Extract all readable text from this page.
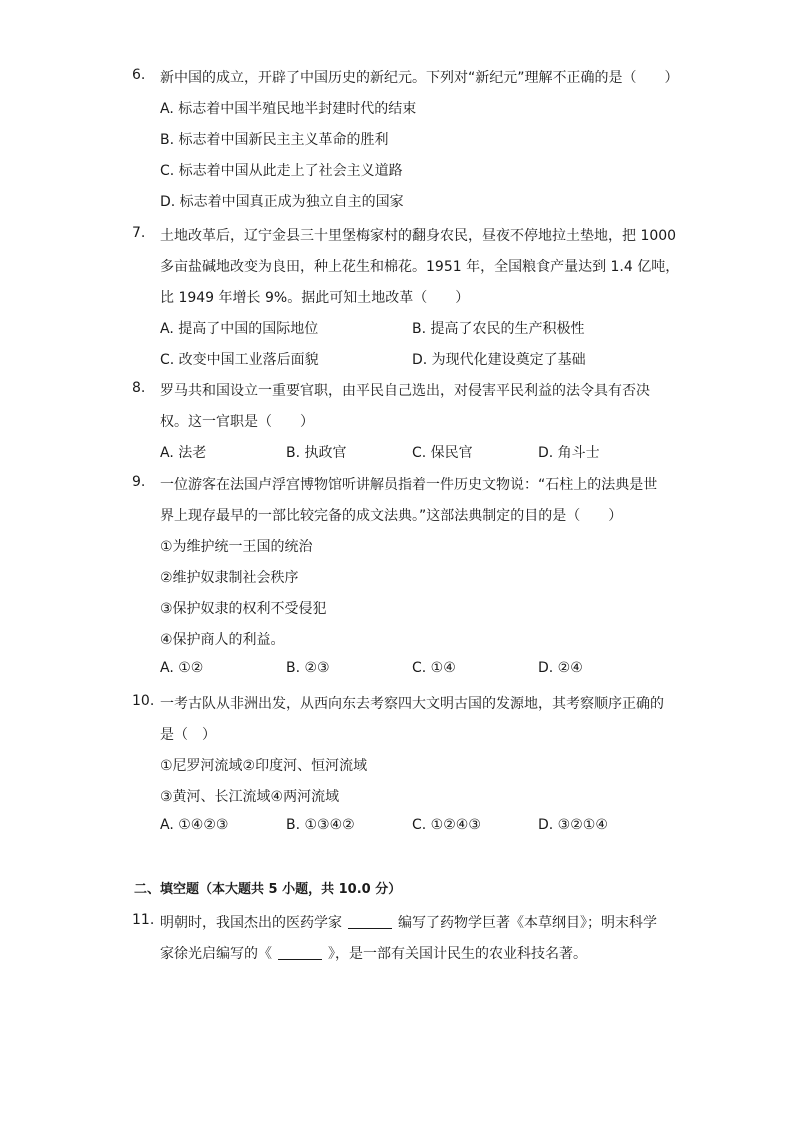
6.	新中国的成立，开辟了中国历史的新纪元。下列对“新纪元”理解不正确的是（　　）
A. 标志着中国半殖民地半封建时代的结束
B. 标志着中国新民主主义革命的胜利
C. 标志着中国从此走上了社会主义道路
D. 标志着中国真正成为独立自主的国家
7.	土地改革后，辽宁金县三十里堡梅家村的翻身农民，昼夜不停地拉土垫地，把 1000
多亩盐碱地改变为良田，种上花生和棉花。1951 年，全国粮食产量达到 1.4 亿吨，
比 1949 年增长 9%。据此可知土地改革（　　）
A. 提高了中国的国际地位	B. 提高了农民的生产积极性
C. 改变中国工业落后面貌	D. 为现代化建设奠定了基础
8.	罗马共和国设立一重要官职，由平民自己选出，对侵害平民利益的法令具有否决
权。这一官职是（　　）
A. 法老	B. 执政官	C. 保民官	D. 角斗士
9.	一位游客在法国卢浮宫博物馆听讲解员指着一件历史文物说：“石柱上的法典是世
界上现存最早的一部比较完备的成文法典。”这部法典制定的目的是（　　）
①为维护统一王国的统治
②维护奴隶制社会秩序
③保护奴隶的权利不受侵犯
④保护商人的利益。
A. ①②	B. ②③	C. ①④	D. ②④
10. 一考古队从非洲出发，从西向东去考察四大文明古国的发源地，其考察顺序正确的
是（　）
①尼罗河流域②印度河、恒河流域
③黄河、长江流域④两河流域
A. ①④②③	B. ①③④②	C. ①②④③	D. ③②①④
二、填空题（本大题共 5 小题，共 10.0 分）
11. 明朝时，我国杰出的医药学家	编写了药物学巨著《本草纲目》；明末科学
家徐光启编写的《	》，是一部有关国计民生的农业科技名著。
